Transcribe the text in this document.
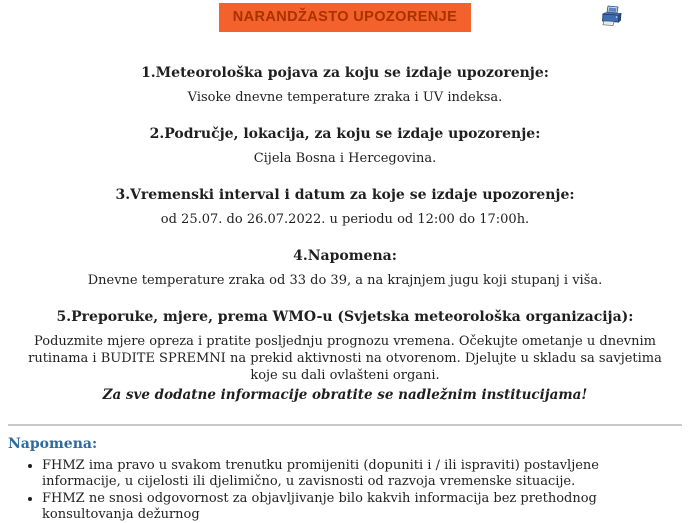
NARANDŽASTO UPOZORENJE
1.Meteorološka pojava za koju se izdaje upozorenje:
Visoke dnevne temperature zraka i UV indeksa.
2.Područje, lokacija, za koju se izdaje upozorenje:
Cijela Bosna i Hercegovina.
3.Vremenski interval i datum za koje se izdaje upozorenje:
od 25.07. do 26.07.2022. u periodu od 12:00 do 17:00h.
4.Napomena:
Dnevne temperature zraka od 33 do 39, a na krajnjem jugu koji stupanj i viša.
5.Preporuke, mjere, prema WMO-u (Svjetska meteorološka organizacija):
Poduzmite mjere opreza i pratite posljednju prognozu vremena. Očekujte ometanje u dnevnim rutinama i BUDITE SPREMNI na prekid aktivnosti na otvorenom. Djelujte u skladu sa savjetima koje su dali ovlašteni organi.
Za sve dodatne informacije obratite se nadležnim institucijama!
Napomena:
• FHMZ ima pravo u svakom trenutku promijeniti (dopuniti i / ili ispraviti) postavljene informacije, u cijelosti ili djelimično, u zavisnosti od razvoja vremenske situacije.
• FHMZ ne snosi odgovornost za objavljivanje bilo kakvih informacija bez prethodnog konsultovanja dežurnog
